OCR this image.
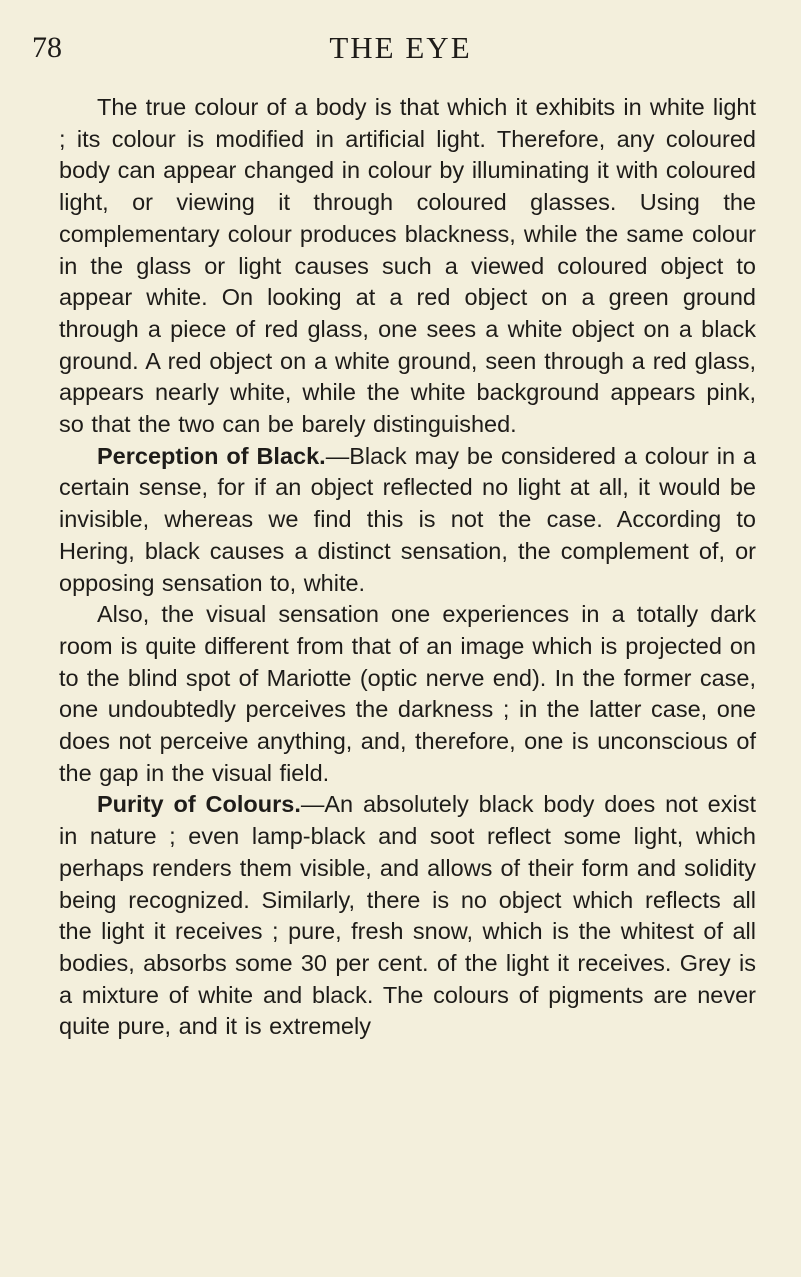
78	THE EYE

The true colour of a body is that which it exhibits in white light ; its colour is modified in artificial light. Therefore, any coloured body can appear changed in colour by illuminating it with coloured light, or viewing it through coloured glasses. Using the complementary colour produces blackness, while the same colour in the glass or light causes such a viewed coloured object to appear white. On looking at a red object on a green ground through a piece of red glass, one sees a white object on a black ground. A red object on a white ground, seen through a red glass, appears nearly white, while the white background appears pink, so that the two can be barely distinguished.

Perception of Black.—Black may be considered a colour in a certain sense, for if an object reflected no light at all, it would be invisible, whereas we find this is not the case. According to Hering, black causes a distinct sensation, the complement of, or opposing sensation to, white.

Also, the visual sensation one experiences in a totally dark room is quite different from that of an image which is projected on to the blind spot of Mariotte (optic nerve end). In the former case, one undoubtedly perceives the darkness ; in the latter case, one does not perceive anything, and, therefore, one is unconscious of the gap in the visual field.

Purity of Colours.—An absolutely black body does not exist in nature ; even lamp-black and soot reflect some light, which perhaps renders them visible, and allows of their form and solidity being recognized. Similarly, there is no object which reflects all the light it receives ; pure, fresh snow, which is the whitest of all bodies, absorbs some 30 per cent. of the light it receives. Grey is a mixture of white and black. The colours of pigments are never quite pure, and it is extremely
